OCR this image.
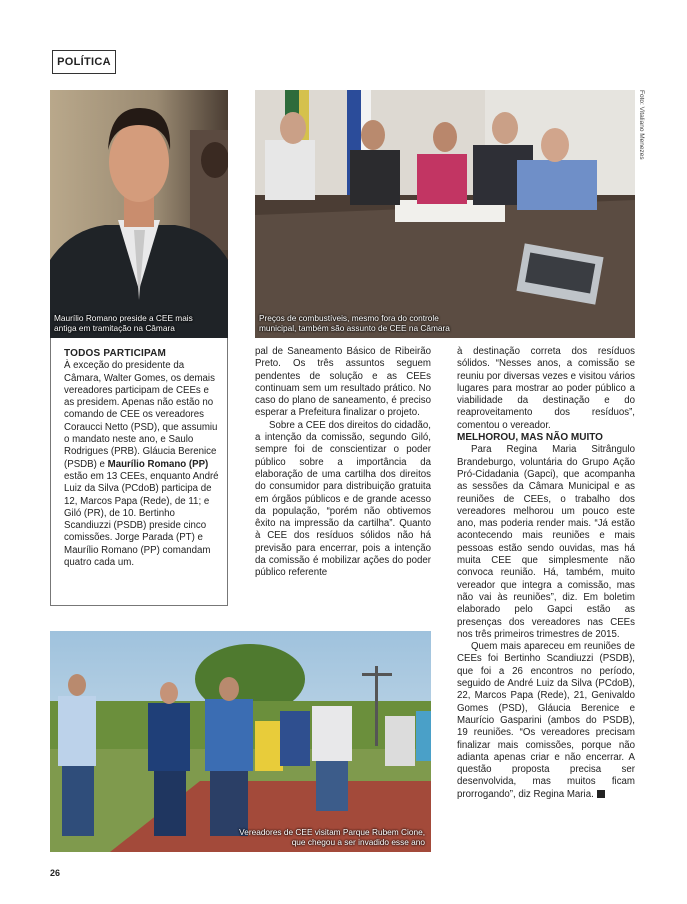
POLÍTICA
Maurílio Romano preside a CEE mais
antiga em tramitação na Câmara
Preços de combustíveis, mesmo fora do controle
municipal, também são assunto de CEE na Câmara
Foto: Vitaliano Menezes
TODOS PARTICIPAM

À exceção do presidente da Câmara, Walter Gomes, os demais vereadores participam de CEEs e as presidem. Apenas não estão no comando de CEE os vereadores Coraucci Netto (PSD), que assumiu o mandato neste ano, e Saulo Rodrigues (PRB). Gláucia Berenice (PSDB) e Maurílio Romano (PP) estão em 13 CEEs, enquanto André Luiz da Silva (PCdoB) participa de 12, Marcos Papa (Rede), de 11; e Giló (PR), de 10. Bertinho Scandiuzzi (PSDB) preside cinco comissões. Jorge Parada (PT) e Maurílio Romano (PP) comandam quatro cada um.

pal de Saneamento Básico de Ribeirão Preto. Os três assuntos seguem pendentes de solução e as CEEs continuam sem um resultado prático. No caso do plano de saneamento, é preciso esperar a Prefeitura finalizar o projeto.

Sobre a CEE dos direitos do cidadão, a intenção da comissão, segundo Giló, sempre foi de conscientizar o poder público sobre a importância da elaboração de uma cartilha dos direitos do consumidor para distribuição gratuita em órgãos públicos e de grande acesso da população, “porém não obtivemos êxito na impressão da cartilha”. Quanto à CEE dos resíduos sólidos não há previsão para encerrar, pois a intenção da comissão é mobilizar ações do poder público referente

à destinação correta dos resíduos sólidos. “Nesses anos, a comissão se reuniu por diversas vezes e visitou vários lugares para mostrar ao poder público a viabilidade da destinação e do reaproveitamento dos resíduos”, comentou o vereador.

MELHOROU, MAS NÃO MUITO

Para Regina Maria Sitrângulo Brandeburgo, voluntária do Grupo Ação Pró-Cidadania (Gapci), que acompanha as sessões da Câmara Municipal e as reuniões de CEEs, o trabalho dos vereadores melhorou um pouco este ano, mas poderia render mais. “Já estão acontecendo mais reuniões e mais pessoas estão sendo ouvidas, mas há muita CEE que simplesmente não convoca reunião. Há, também, muito vereador que integra a comissão, mas não vai às reuniões”, diz. Em boletim elaborado pelo Gapci estão as presenças dos vereadores nas CEEs nos três primeiros trimestres de 2015.

Quem mais apareceu em reuniões de CEEs foi Bertinho Scandiuzzi (PSDB), que foi a 26 encontros no período, seguido de André Luiz da Silva (PCdoB), 22, Marcos Papa (Rede), 21, Genivaldo Gomes (PSD), Gláucia Berenice e Maurício Gasparini (ambos do PSDB), 19 reuniões. “Os vereadores precisam finalizar mais comissões, porque não adianta apenas criar e não encerrar. A questão proposta precisa ser desenvolvida, mas muitos ficam prorrogando”, diz Regina Maria.

Vereadores de CEE visitam Parque Rubem Cione,
que chegou a ser invadido esse ano
26
